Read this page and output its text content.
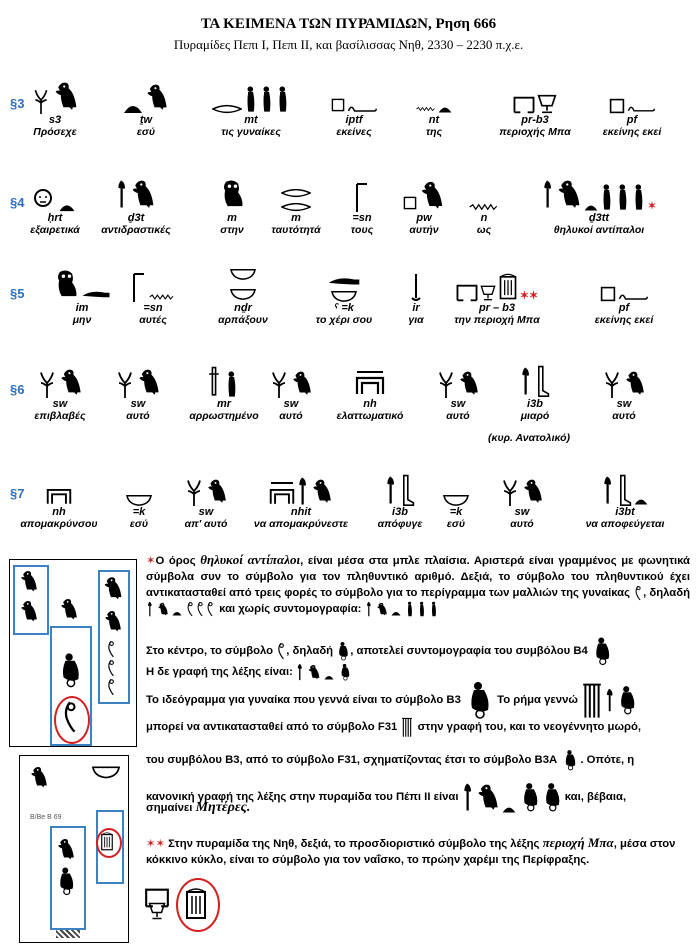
ΤΑ ΚΕΙΜΕΝΑ ΤΩΝ ΠΥΡΑΜΙΔΩΝ, Ρηση 666
Πυραμίδες Πεπι Ι, Πεπι ΙΙ, και βασίλισσας Νηθ, 2330 – 2230 π.χ.ε.
§3
s3
Πρόσεχε
ṯw
εσύ
mt
τις γυναίκες
iptf
εκείνες
nt
της
pr-b3
περιοχής Μπα
pf
εκείνης εκεί
§4
ḥrt
εξαιρετικά
ḏ3t
αντιδραστικές
m
στην
m
ταυτότητά
=sn
τους
pw
αυτήν
n
ως
✶
ḏ3tt
θηλυκοί αντίπαλοι
§5
im
μην
=sn
αυτές
nḏr
αρπάξουν
ˁ =k
το χέρι σου
ir
για
✶✶
pr – b3
την περιοχή Μπα
pf
εκείνης εκεί
§6
sw
επιβλαβές
sw
αυτό
mr
αρρωστημένο
sw
αυτό
nh
ελαττωματικό
sw
αυτό
i3b
μιαρό
sw
αυτό
(κυρ. Ανατολικό)
§7
nh
απομακρύνσου
=k
εσύ
sw
απ' αυτό
nhit
να απομακρύνεστε
i3b
απόφυγε
=k
εσύ
sw
αυτό
i3bt
να αποφεύγεται
B/Be B 69
✶Ο όρος θηλυκοί αντίπαλοι, είναι μέσα στα μπλε πλαίσια. Αριστερά είναι γραμμένος με φωνητικά σύμβολα συν το σύμβολο για τον πληθυντικό αριθμό. Δεξιά, το σύμβολο του πληθυντικού έχει αντικατασταθεί από τρεις φορές το σύμβολο για το περίγραμμα των μαλλιών της γυναίκας , δηλαδή  και χωρίς συντομογραφία:
Στο κέντρο, το σύμβολο , δηλαδή , αποτελεί συντομογραφία του συμβόλου Β4
Η δε γραφή της λέξης είναι:
Το ιδεόγραμμα για γυναίκα που γεννά είναι το σύμβολο Β3	Το ρήμα γεννώ
μπορεί να αντικατασταθεί από το σύμβολο F31 στην γραφή του, και το νεογέννητο μωρό,
του συμβόλου Β3, από το σύμβολο F31, σχηματίζοντας έτσι το σύμβολο Β3Α . Οπότε, η
κανονική γραφή της λέξης στην πυραμίδα του Πέπι ΙΙ είναι	και, βέβαια,
σημαίνει Μητέρες.
✶✶ Στην πυραμίδα της Νηθ, δεξιά, το προσδιοριστικό σύμβολο της λέξης περιοχή Μπα, μέσα στον κόκκινο κύκλο, είναι το σύμβολο για τον ναΐσκο, το πρώην χαρέμι της Περίφραξης.
